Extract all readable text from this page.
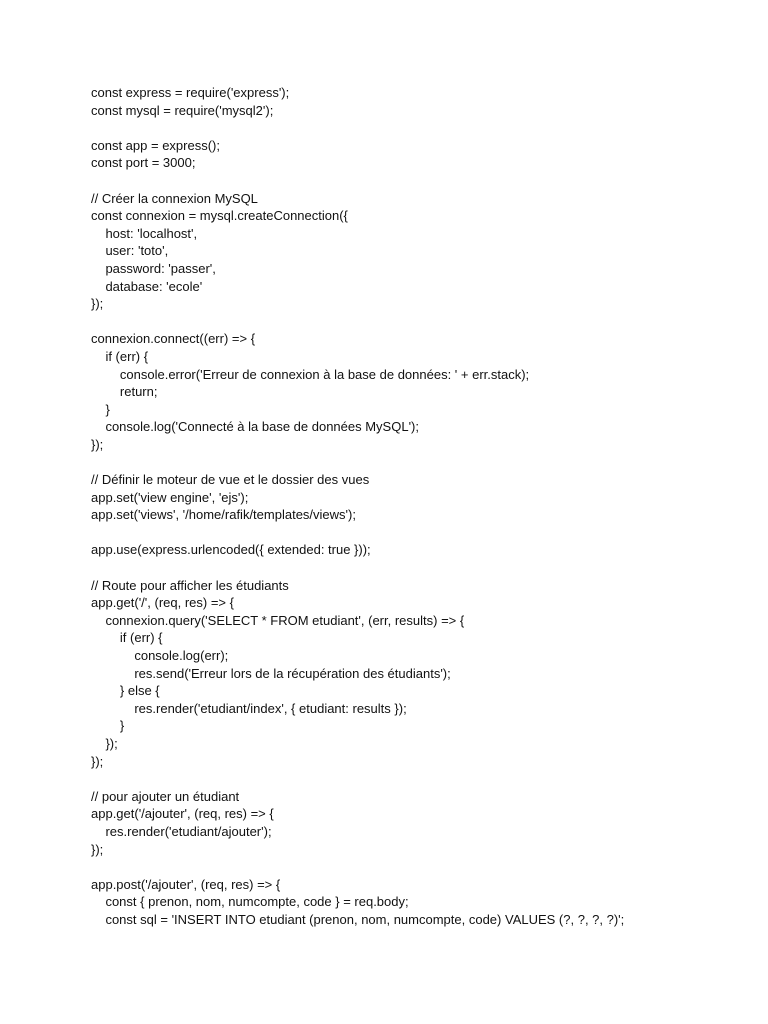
const express = require('express');
const mysql = require('mysql2');
const app = express();
const port = 3000;
// Créer la connexion MySQL
const connexion = mysql.createConnection({
host: 'localhost',
user: 'toto',
password: 'passer',
database: 'ecole'
});
connexion.connect((err) => {
if (err) {
console.error('Erreur de connexion à la base de données: ' + err.stack);
return;
}
console.log('Connecté à la base de données MySQL');
});
// Définir le moteur de vue et le dossier des vues
app.set('view engine', 'ejs');
app.set('views', '/home/rafik/templates/views');
app.use(express.urlencoded({ extended: true }));
// Route pour afficher les étudiants
app.get('/', (req, res) => {
connexion.query('SELECT * FROM etudiant', (err, results) => {
if (err) {
console.log(err);
res.send('Erreur lors de la récupération des étudiants');
} else {
res.render('etudiant/index', { etudiant: results });
}
});
});
// pour ajouter un étudiant
app.get('/ajouter', (req, res) => {
res.render('etudiant/ajouter');
});
app.post('/ajouter', (req, res) => {
const { prenon, nom, numcompte, code } = req.body;
const sql = 'INSERT INTO etudiant (prenon, nom, numcompte, code) VALUES (?, ?, ?, ?)';
